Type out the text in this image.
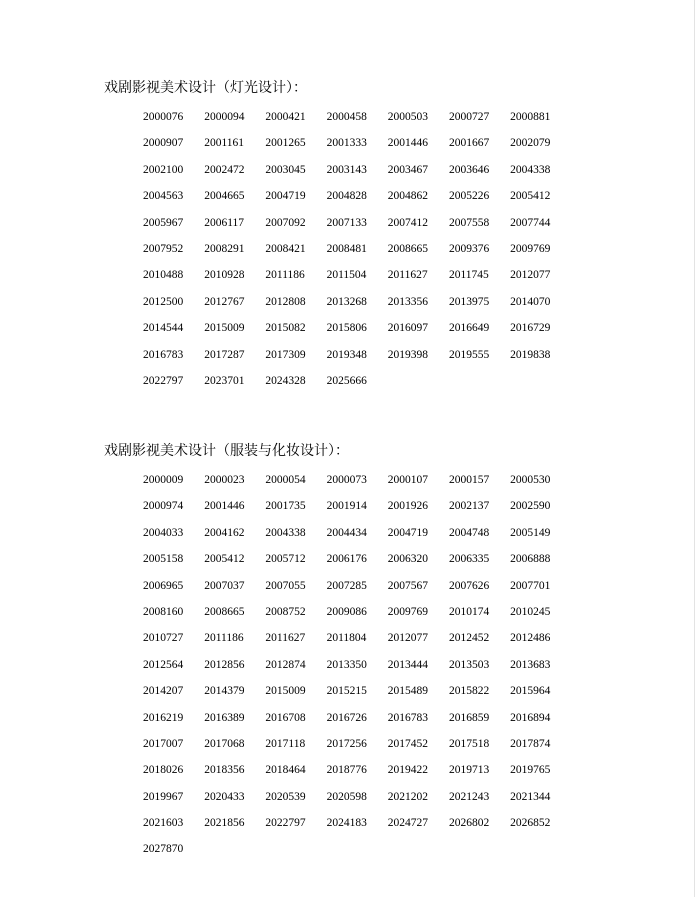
戏剧影视美术设计（灯光设计）：
2000076	2000094	2000421	2000458	2000503	2000727	2000881
2000907	2001161	2001265	2001333	2001446	2001667	2002079
2002100	2002472	2003045	2003143	2003467	2003646	2004338
2004563	2004665	2004719	2004828	2004862	2005226	2005412
2005967	2006117	2007092	2007133	2007412	2007558	2007744
2007952	2008291	2008421	2008481	2008665	2009376	2009769
2010488	2010928	2011186	2011504	2011627	2011745	2012077
2012500	2012767	2012808	2013268	2013356	2013975	2014070
2014544	2015009	2015082	2015806	2016097	2016649	2016729
2016783	2017287	2017309	2019348	2019398	2019555	2019838
2022797	2023701	2024328	2025666
戏剧影视美术设计（服装与化妆设计）：
2000009	2000023	2000054	2000073	2000107	2000157	2000530
2000974	2001446	2001735	2001914	2001926	2002137	2002590
2004033	2004162	2004338	2004434	2004719	2004748	2005149
2005158	2005412	2005712	2006176	2006320	2006335	2006888
2006965	2007037	2007055	2007285	2007567	2007626	2007701
2008160	2008665	2008752	2009086	2009769	2010174	2010245
2010727	2011186	2011627	2011804	2012077	2012452	2012486
2012564	2012856	2012874	2013350	2013444	2013503	2013683
2014207	2014379	2015009	2015215	2015489	2015822	2015964
2016219	2016389	2016708	2016726	2016783	2016859	2016894
2017007	2017068	2017118	2017256	2017452	2017518	2017874
2018026	2018356	2018464	2018776	2019422	2019713	2019765
2019967	2020433	2020539	2020598	2021202	2021243	2021344
2021603	2021856	2022797	2024183	2024727	2026802	2026852
2027870
